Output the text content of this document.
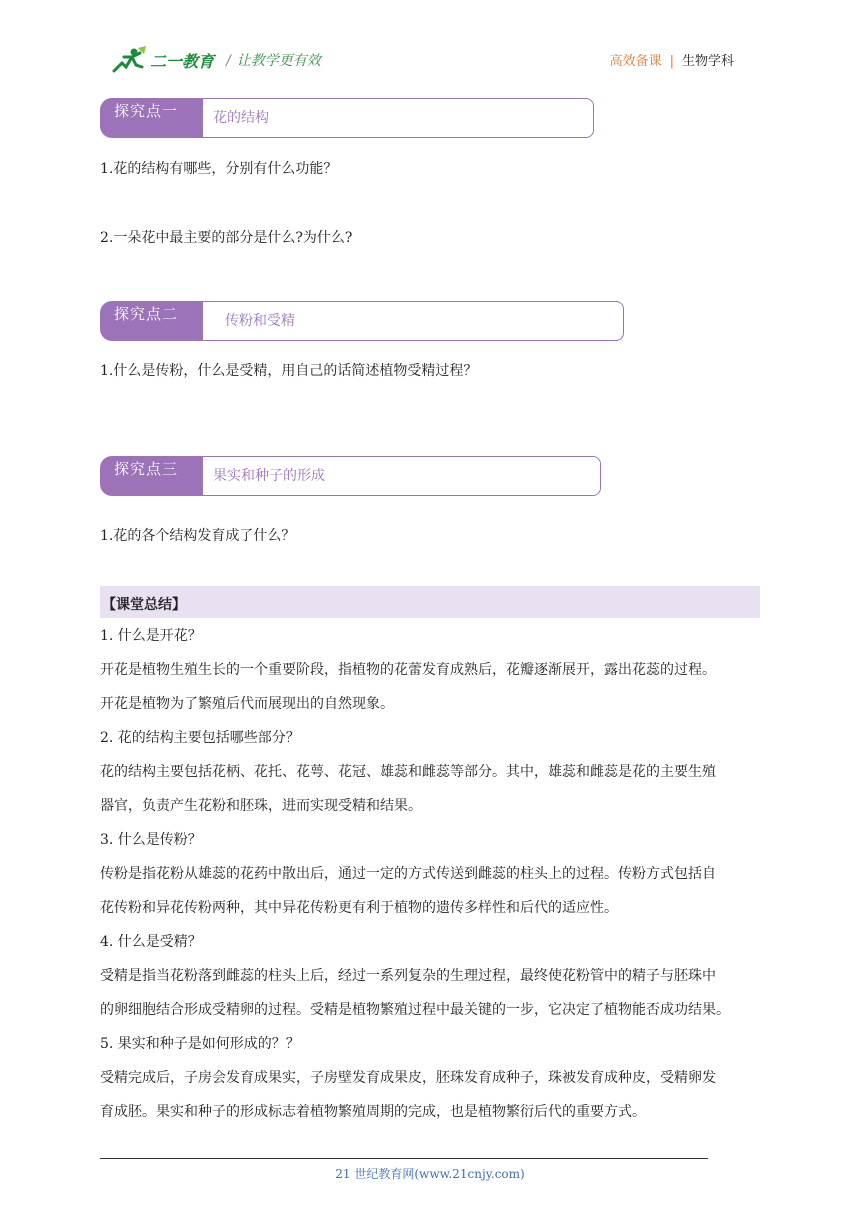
二一教育 / 让教学更有效	高效备课 | 生物学科
探究点一	花的结构
1.花的结构有哪些，分别有什么功能？
2.一朵花中最主要的部分是什么?为什么?
探究点二	传粉和受精
1.什么是传粉，什么是受精，用自己的话简述植物受精过程？
探究点三	果实和种子的形成
1.花的各个结构发育成了什么？
【课堂总结】

1. 什么是开花？

开花是植物生殖生长的一个重要阶段，指植物的花蕾发育成熟后，花瓣逐渐展开，露出花蕊的过程。

开花是植物为了繁殖后代而展现出的自然现象。

2. 花的结构主要包括哪些部分？

花的结构主要包括花柄、花托、花萼、花冠、雄蕊和雌蕊等部分。其中，雄蕊和雌蕊是花的主要生殖

器官，负责产生花粉和胚珠，进而实现受精和结果。

3. 什么是传粉？

传粉是指花粉从雄蕊的花药中散出后，通过一定的方式传送到雌蕊的柱头上的过程。传粉方式包括自

花传粉和异花传粉两种，其中异花传粉更有利于植物的遗传多样性和后代的适应性。

4. 什么是受精？

受精是指当花粉落到雌蕊的柱头上后，经过一系列复杂的生理过程，最终使花粉管中的精子与胚珠中

的卵细胞结合形成受精卵的过程。受精是植物繁殖过程中最关键的一步，它决定了植物能否成功结果。

5. 果实和种子是如何形成的？？

受精完成后，子房会发育成果实，子房壁发育成果皮，胚珠发育成种子，珠被发育成种皮，受精卵发

育成胚。果实和种子的形成标志着植物繁殖周期的完成，也是植物繁衍后代的重要方式。

21 世纪教育网(www.21cnjy.com)
